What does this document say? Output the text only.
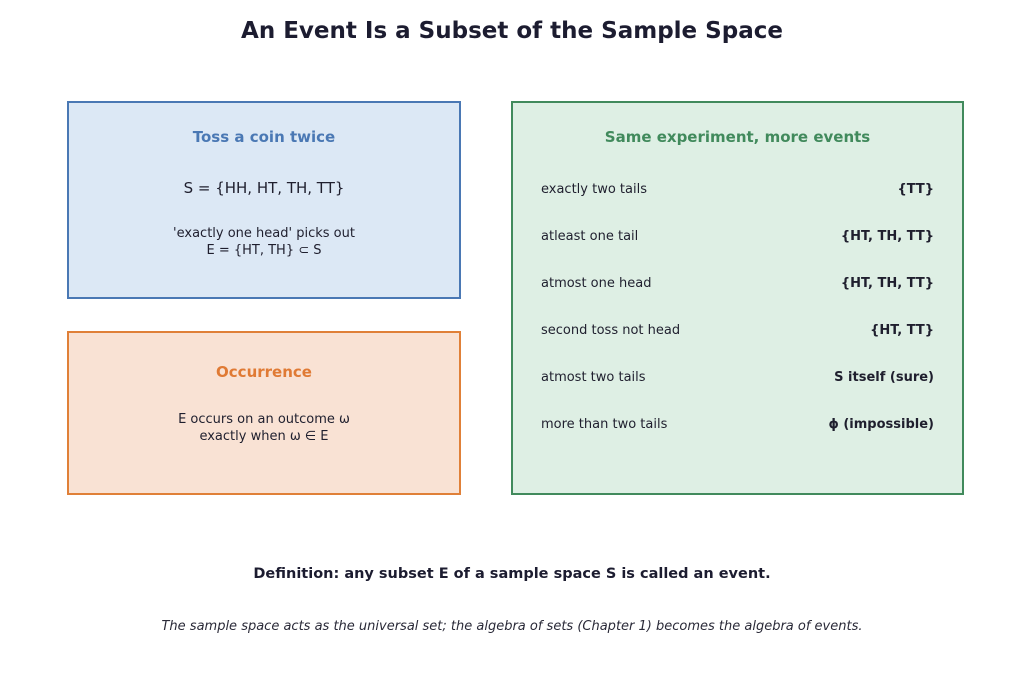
An Event Is a Subset of the Sample Space
Toss a coin twice
S = {HH, HT, TH, TT}
'exactly one head' picks out
E = {HT, TH} ⊂ S
Occurrence
E occurs on an outcome ω
exactly when ω ∈ E
Same experiment, more events
exactly two tails	{TT}
atleast one tail	{HT, TH, TT}
atmost one head	{HT, TH, TT}
second toss not head	{HT, TT}
atmost two tails	S itself (sure)
more than two tails	ϕ (impossible)
Definition: any subset E of a sample space S is called an event.
The sample space acts as the universal set; the algebra of sets (Chapter 1) becomes the algebra of events.
